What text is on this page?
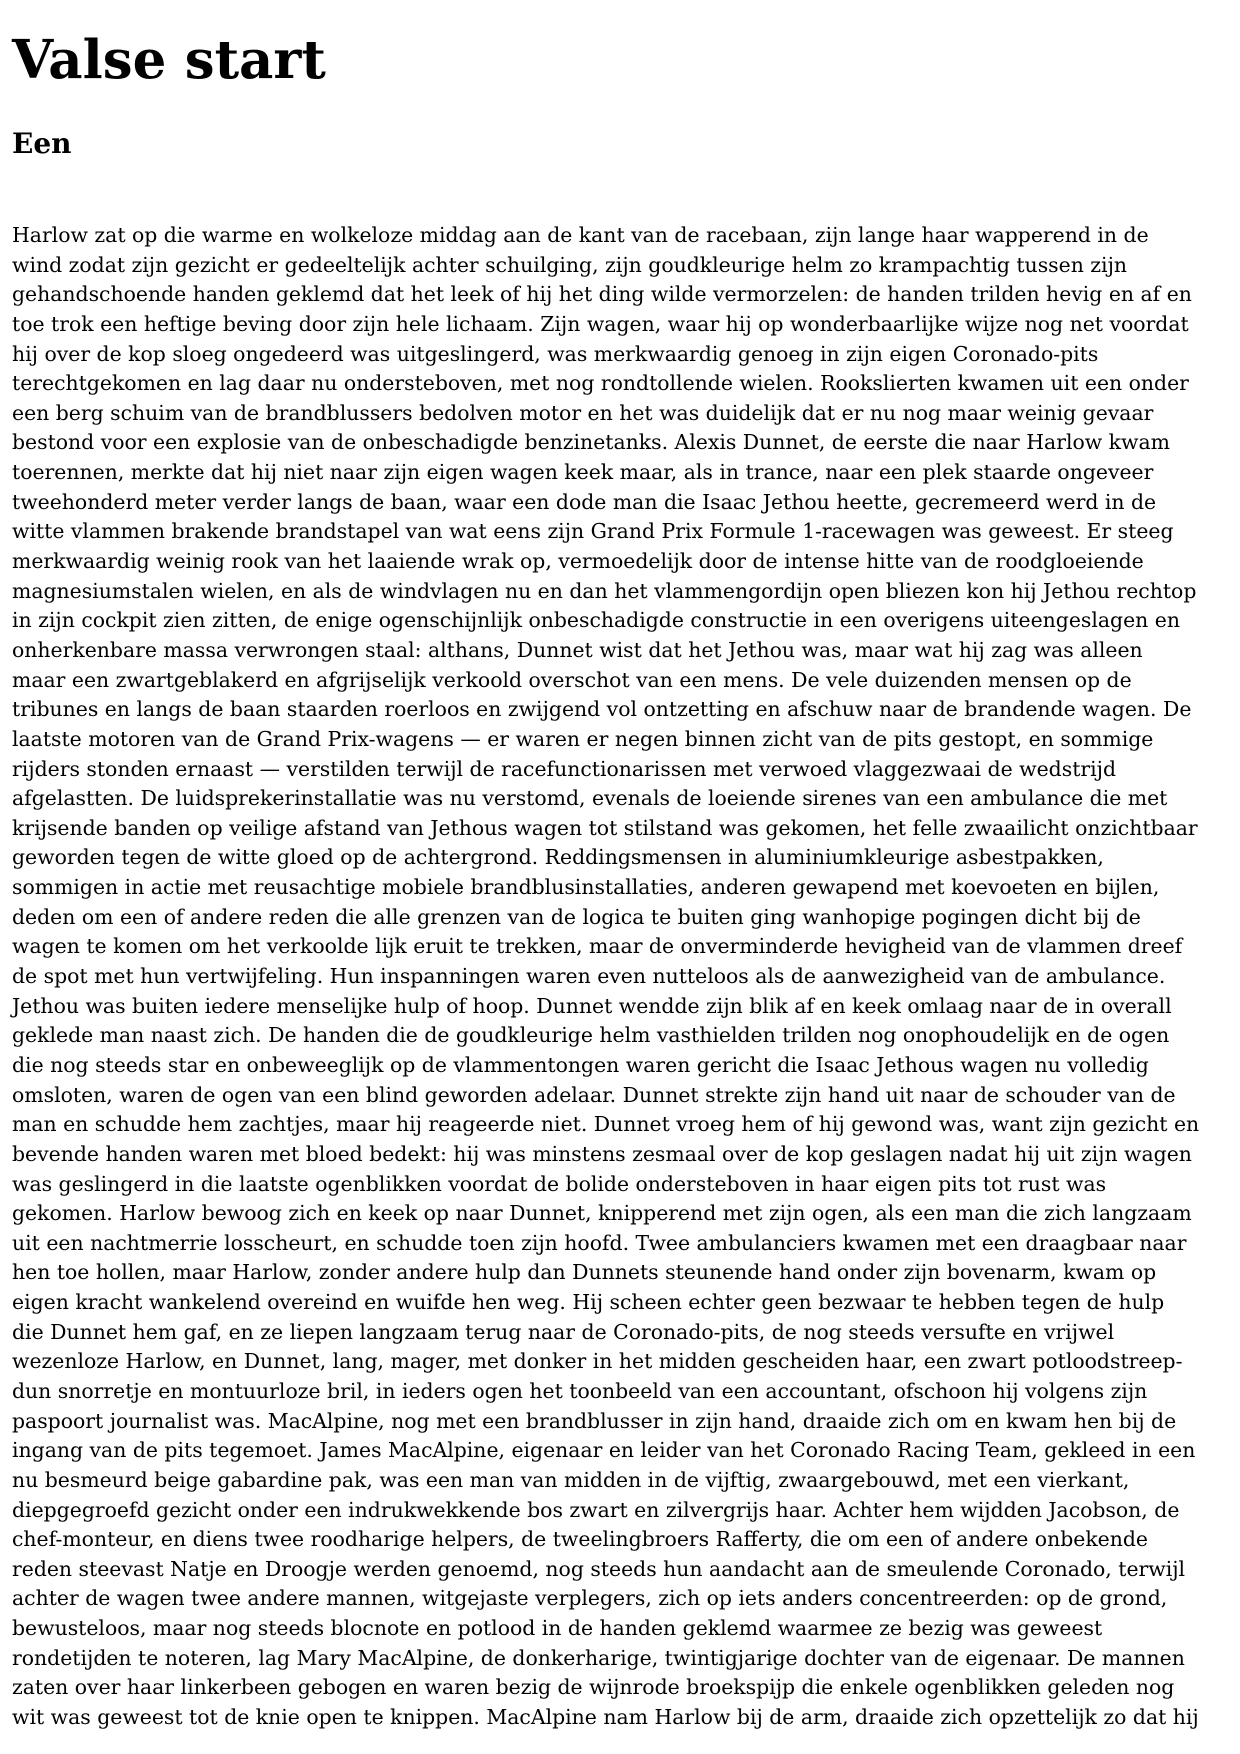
Valse start
Een

Harlow zat op die warme en wolkeloze middag aan de kant van de racebaan, zijn lange haar wapperend in de
wind zodat zijn gezicht er gedeeltelijk achter schuilging, zijn goudkleurige helm zo krampachtig tussen zijn
gehandschoende handen geklemd dat het leek of hij het ding wilde vermorzelen: de handen trilden hevig en af en
toe trok een heftige beving door zijn hele lichaam. Zijn wagen, waar hij op wonderbaarlijke wijze nog net voordat
hij over de kop sloeg ongedeerd was uitgeslingerd, was merkwaardig genoeg in zijn eigen Coronado-pits
terechtgekomen en lag daar nu ondersteboven, met nog rondtollende wielen. Rookslierten kwamen uit een onder
een berg schuim van de brandblussers bedolven motor en het was duidelijk dat er nu nog maar weinig gevaar
bestond voor een explosie van de onbeschadigde benzinetanks. Alexis Dunnet, de eerste die naar Harlow kwam
toerennen, merkte dat hij niet naar zijn eigen wagen keek maar, als in trance, naar een plek staarde ongeveer
tweehonderd meter verder langs de baan, waar een dode man die Isaac Jethou heette, gecremeerd werd in de
witte vlammen brakende brandstapel van wat eens zijn Grand Prix Formule 1-racewagen was geweest. Er steeg
merkwaardig weinig rook van het laaiende wrak op, vermoedelijk door de intense hitte van de roodgloeiende
magnesiumstalen wielen, en als de windvlagen nu en dan het vlammengordijn open bliezen kon hij Jethou rechtop
in zijn cockpit zien zitten, de enige ogenschijnlijk onbeschadigde constructie in een overigens uiteengeslagen en
onherkenbare massa verwrongen staal: althans, Dunnet wist dat het Jethou was, maar wat hij zag was alleen
maar een zwartgeblakerd en afgrijselijk verkoold overschot van een mens. De vele duizenden mensen op de
tribunes en langs de baan staarden roerloos en zwijgend vol ontzetting en afschuw naar de brandende wagen. De
laatste motoren van de Grand Prix-wagens — er waren er negen binnen zicht van de pits gestopt, en sommige
rijders stonden ernaast — verstilden terwijl de racefunctionarissen met verwoed vlaggezwaai de wedstrijd
afgelastten. De luidsprekerinstallatie was nu verstomd, evenals de loeiende sirenes van een ambulance die met
krijsende banden op veilige afstand van Jethous wagen tot stilstand was gekomen, het felle zwaailicht onzichtbaar
geworden tegen de witte gloed op de achtergrond. Reddingsmensen in aluminiumkleurige asbestpakken,
sommigen in actie met reusachtige mobiele brandblusinstallaties, anderen gewapend met koevoeten en bijlen,
deden om een of andere reden die alle grenzen van de logica te buiten ging wanhopige pogingen dicht bij de
wagen te komen om het verkoolde lijk eruit te trekken, maar de onverminderde hevigheid van de vlammen dreef
de spot met hun vertwijfeling. Hun inspanningen waren even nutteloos als de aanwezigheid van de ambulance.
Jethou was buiten iedere menselijke hulp of hoop. Dunnet wendde zijn blik af en keek omlaag naar de in overall
geklede man naast zich. De handen die de goudkleurige helm vasthielden trilden nog onophoudelijk en de ogen
die nog steeds star en onbeweeglijk op de vlammentongen waren gericht die Isaac Jethous wagen nu volledig
omsloten, waren de ogen van een blind geworden adelaar. Dunnet strekte zijn hand uit naar de schouder van de
man en schudde hem zachtjes, maar hij reageerde niet. Dunnet vroeg hem of hij gewond was, want zijn gezicht en
bevende handen waren met bloed bedekt: hij was minstens zesmaal over de kop geslagen nadat hij uit zijn wagen
was geslingerd in die laatste ogenblikken voordat de bolide ondersteboven in haar eigen pits tot rust was
gekomen. Harlow bewoog zich en keek op naar Dunnet, knipperend met zijn ogen, als een man die zich langzaam
uit een nachtmerrie losscheurt, en schudde toen zijn hoofd. Twee ambulanciers kwamen met een draagbaar naar
hen toe hollen, maar Harlow, zonder andere hulp dan Dunnets steunende hand onder zijn bovenarm, kwam op
eigen kracht wankelend overeind en wuifde hen weg. Hij scheen echter geen bezwaar te hebben tegen de hulp
die Dunnet hem gaf, en ze liepen langzaam terug naar de Coronado-pits, de nog steeds versufte en vrijwel
wezenloze Harlow, en Dunnet, lang, mager, met donker in het midden gescheiden haar, een zwart potloodstreep-
dun snorretje en montuurloze bril, in ieders ogen het toonbeeld van een accountant, ofschoon hij volgens zijn
paspoort journalist was. MacAlpine, nog met een brandblusser in zijn hand, draaide zich om en kwam hen bij de
ingang van de pits tegemoet. James MacAlpine, eigenaar en leider van het Coronado Racing Team, gekleed in een
nu besmeurd beige gabardine pak, was een man van midden in de vijftig, zwaargebouwd, met een vierkant,
diepgegroefd gezicht onder een indrukwekkende bos zwart en zilvergrijs haar. Achter hem wijdden Jacobson, de
chef-monteur, en diens twee roodharige helpers, de tweelingbroers Rafferty, die om een of andere onbekende
reden steevast Natje en Droogje werden genoemd, nog steeds hun aandacht aan de smeulende Coronado, terwijl
achter de wagen twee andere mannen, witgejaste verplegers, zich op iets anders concentreerden: op de grond,
bewusteloos, maar nog steeds blocnote en potlood in de handen geklemd waarmee ze bezig was geweest
rondetijden te noteren, lag Mary MacAlpine, de donkerharige, twintigjarige dochter van de eigenaar. De mannen
zaten over haar linkerbeen gebogen en waren bezig de wijnrode broekspijp die enkele ogenblikken geleden nog
wit was geweest tot de knie open te knippen. MacAlpine nam Harlow bij de arm, draaide zich opzettelijk zo dat hij
